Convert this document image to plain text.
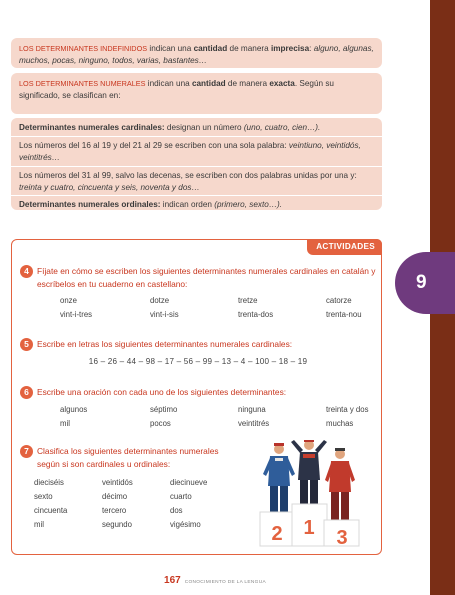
9
LOS DETERMINANTES INDEFINIDOS indican una cantidad de manera imprecisa: alguno, algunas, muchos, pocas, ninguno, todos, varias, bastantes…
LOS DETERMINANTES NUMERALES indican una cantidad de manera exacta. Según su significado, se clasifican en:
Determinantes numerales cardinales: designan un número (uno, cuatro, cien…).
Los números del 16 al 19 y del 21 al 29 se escriben con una sola palabra: veintiuno, veintidós, veintitrés…
Los números del 31 al 99, salvo las decenas, se escriben con dos palabras unidas por una y: treinta y cuatro, cincuenta y seis, noventa y dos…
Determinantes numerales ordinales: indican orden (primero, sexto…).
ACTIVIDADES
4 Fíjate en cómo se escriben los siguientes determinantes numerales cardinales en catalán y escríbelos en tu cuaderno en castellano:
onze	dotze	tretze	catorze
vint-i-tres	vint-i-sis	trenta-dos	trenta-nou
5 Escribe en letras los siguientes determinantes numerales cardinales:
16 – 26 – 44 – 98 – 17 – 56 – 99 – 13 – 4 – 100 – 18 – 19
6 Escribe una oración con cada uno de los siguientes determinantes:
algunos	séptimo	ninguna	treinta y dos
mil	pocos	veintitrés	muchas
7 Clasifica los siguientes determinantes numerales
según si son cardinales u ordinales:
dieciséis	veintidós	diecinueve
sexto	décimo	cuarto
cincuenta	tercero	dos
mil	segundo	vigésimo	2 1 3
167 CONOCIMIENTO DE LA LENGUA
